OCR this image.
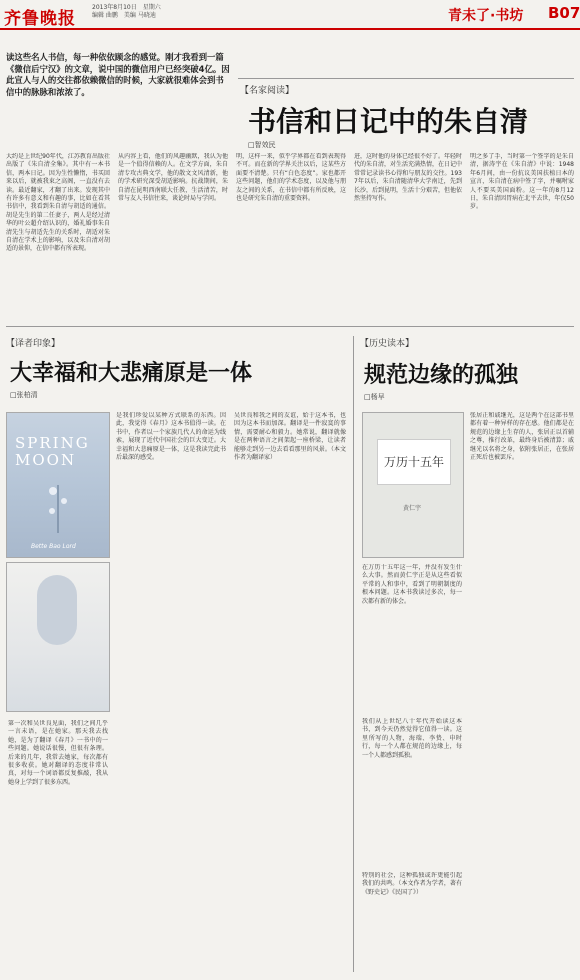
齐鲁晚报
2013年8月10日　星期六
编辑 曲鹏　美编 马晓迪	青未了·书坊 B07
读这些名人书信，每一种依依顾念的感觉。刚才我看到一篇《微信后宁汉》的文章，说中国的微信用户已经突破4亿。因此宣人与人的交往都依赖微信的时候，大家就很难体会到书信中的脉脉和浓浓了。	【名家阅读】
书信和日记中的朱自清
□智效民
大约是上世纪90年代，江苏教育出版社出版了《朱自清全集》。其中有一本书信，两本日记。因为生性懒惰，书买回来以后，就被我束之高阁，一直没有去读。最近翻家，才翻了出来。发现其中有许多有意义和有趣的事，比如在看其书信中，我看到朱自清与胡适的通信。胡是先生的第二任妻子，两人是经过清华的叶公超介绍认识的，婚礼婚事朱自清先生与胡适先生的关系时，胡适对朱自清在学术上的影响，以及朱自清对胡适的景仰，在信中都有所表现。
从内容上看，他们的风趣幽默，我认为他是一个值得信赖的人。在文学方面，朱自清专攻古典文学，他的散文文风清新，他的学术研究深受胡适影响。抗战期间，朱自清在昆明西南联大任教，生活清苦，时常与友人书信往来，谈论时局与学问。
明，这样一来，似乎学界都在看到表现得不可。而在新的学界关注以后，这某些方面要不清楚。只有“白色态度”。家也都开这些问题，他们的学术态度，以及他与朋友之间的关系，在书信中都有所反映，这也是研究朱自清的重要资料。
进，这时他的身体已经很不好了。年轻时代的朱自清，对生活充满热情，在日记中常常记录读书心得和与朋友的交往。1937年以后，朱自清随清华大学南迁，先到长沙，后到昆明，生活十分艰苦，但他依然坚持写作。
明之多了手，当时第一个签字的是朱自清，据涛宇在《朱自清》中说：1948年6月间，由一份抗议美国扶植日本的宣言，朱自清在病中签了字，并嘱咐家人不要买美国面粉。这一年的8月12日，朱自清因胃病在北平去世，年仅50岁。
【译者印象】
大幸福和大悲痛原是一体
□张柏清
SPRING
MOON
Bette Bao Lord
第一次和吴世良见面，我们之间几乎一言未语，是在她家。那天我去找她，是为了翻译《春月》一书中的一些问题。她说话很慢，但很有条理。后来的几年，我常去她家，每次都有很多收获。她对翻译的态度非常认真，对每一个词语都反复推敲，我从她身上学到了很多东西。
是我们珍爱以某种方式联系的东西。因此，我觉得《春月》这本书值得一读。在书中，作者以一个家族几代人的命运为线索，展现了近代中国社会的巨大变迁。大幸福和大悲痛原是一体，这是我读完此书后最深的感受。
吴世良和我之间的友谊，始于这本书，也因为这本书而加深。翻译是一件寂寞的事情，需要耐心和毅力。她常说，翻译就像是在两种语言之间架起一座桥梁，让读者能够走到另一边去看看那里的风景。（本文作者为翻译家）
【历史读本】
规范边缘的孤独
□杨早
万历十五年
黄仁宇
张居正和戚继光，这是两个在这部书里都有着一种异样的存在感。他们都是在规范的边缘上生存的人，张居正以首辅之尊，推行改革，最终身后被清算；戚继光以名将之身，依附张居正，在张居正死后也被罢斥。
在万历十五年这一年，并没有发生什么大事。然而黄仁宇正是从这些看似平常的人和事中，看到了明朝制度的根本问题。这本书我读过多次，每一次都有新的体会。
我们从上世纪八十年代开始读这本书，到今天仍然觉得它值得一读。这里所写的人物，海瑞、李贽、申时行，每一个人都在规范的边缘上，每一个人都感到孤独。
特别的社会，这种孤独或许更能引起我们的共鸣。（本文作者为学者，著有《野史记》《民国了》）
